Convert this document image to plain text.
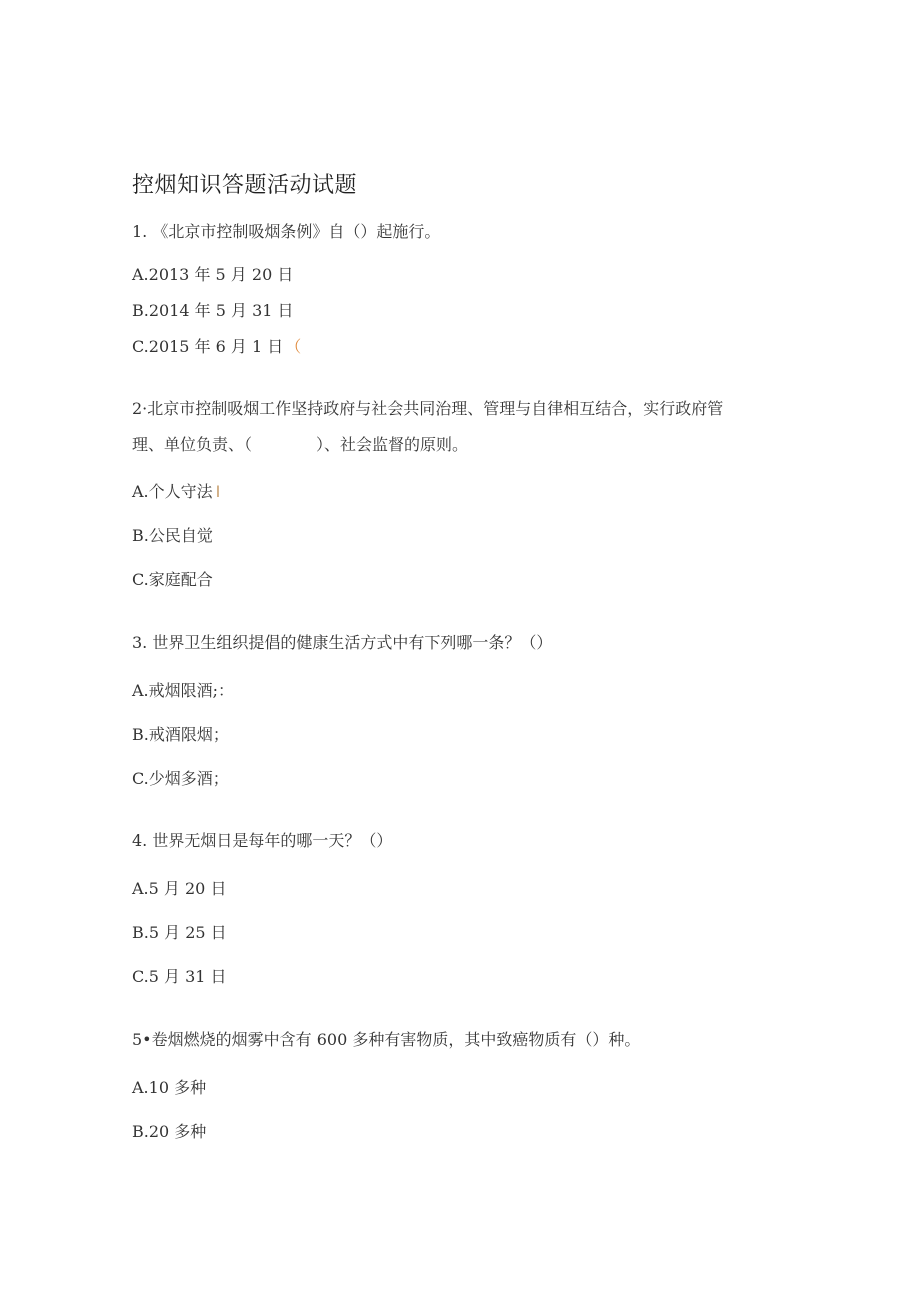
控烟知识答题活动试题
1. 《北京市控制吸烟条例》自（）起施行。
A.2013 年 5 月 20 日
B.2014 年 5 月 31 日
C.2015 年 6 月 1 日 （
2·北京市控制吸烟工作坚持政府与社会共同治理、管理与自律相互结合，实行政府管
理、单位负责、（　　　　）、社会监督的原则。
A.个人守法 I
B.公民自觉
C.家庭配合
3. 世界卫生组织提倡的健康生活方式中有下列哪一条？（）
A.戒烟限酒;：
B.戒酒限烟；
C.少烟多酒；
4. 世界无烟日是每年的哪一天？（）
A.5 月 20 日
B.5 月 25 日
C.5 月 31 日
5•卷烟燃烧的烟雾中含有 600 多种有害物质，其中致癌物质有（）种。
A.10 多种
B.20 多种
